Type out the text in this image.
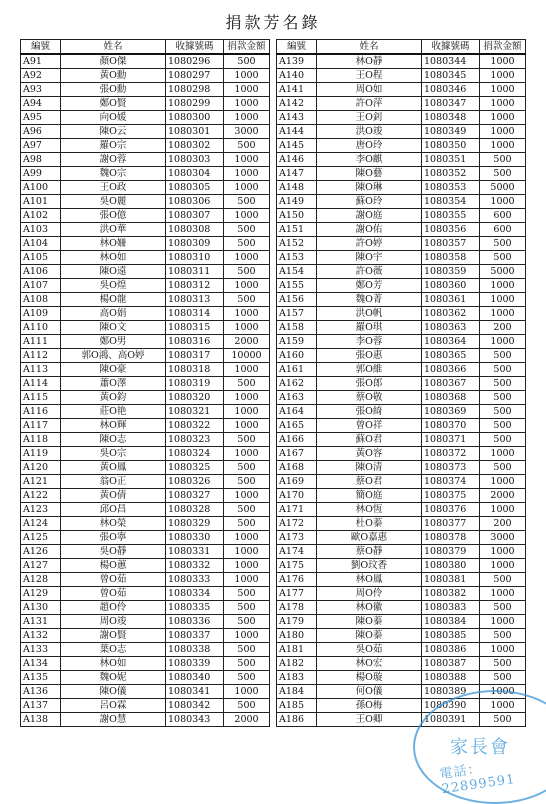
捐款芳名錄
編號	姓名	收據號碼	捐款金額
A91	顏O傑	1080296	500
A92	黃O勳	1080297	1000
A93	張O勳	1080298	1000
A94	鄭O賢	1080299	1000
A95	向O媛	1080300	1000
A96	陳O云	1080301	3000
A97	羅O宗	1080302	500
A98	謝O蓉	1080303	1000
A99	魏O宗	1080304	1000
A100	王O政	1080305	1000
A101	吳O麗	1080306	500
A102	張O億	1080307	1000
A103	洪O華	1080308	500
A104	林O姍	1080309	500
A105	林O如	1080310	1000
A106	陳O遠	1080311	500
A107	吳O煌	1080312	1000
A108	楊O龍	1080313	500
A109	高O娟	1080314	1000
A110	陳O文	1080315	1000
A111	鄭O男	1080316	2000
A112	郭O鴻、高O婷	1080317	10000
A113	陳O豪	1080318	1000
A114	蕭O澤	1080319	500
A115	黃O鈞	1080320	1000
A116	莊O艳	1080321	1000
A117	林O輝	1080322	1000
A118	陳O志	1080323	500
A119	吳O宗	1080324	1000
A120	黃O鳳	1080325	500
A121	翁O正	1080326	500
A122	黃O倩	1080327	1000
A123	邱O昌	1080328	500
A124	林O榮	1080329	500
A125	張O寧	1080330	1000
A126	吳O靜	1080331	1000
A127	楊O蕙	1080332	1000
A128	曾O茹	1080333	1000
A129	曾O茹	1080334	500
A130	趙O伶	1080335	500
A131	周O竣	1080336	500
A132	謝O賢	1080337	1000
A133	葉O志	1080338	500
A134	林O如	1080339	500
A135	魏O妮	1080340	500
A136	陳O儀	1080341	1000
A137	呂O霖	1080342	500
A138	謝O慧	1080343	2000
編號	姓名	收據號碼	捐款金額
A139	林O靜	1080344	1000
A140	王O程	1080345	1000
A141	周O如	1080346	1000
A142	許O萍	1080347	1000
A143	王O釗	1080348	1000
A144	洪O竣	1080349	1000
A145	唐O玲	1080350	1000
A146	李O麒	1080351	500
A147	陳O藝	1080352	500
A148	陳O琳	1080353	5000
A149	蘇O玲	1080354	1000
A150	謝O庭	1080355	600
A151	謝O佑	1080356	600
A152	許O婷	1080357	500
A153	陳O宇	1080358	500
A154	許O薇	1080359	5000
A155	鄭O芳	1080360	1000
A156	魏O菁	1080361	1000
A157	洪O帆	1080362	1000
A158	羅O琪	1080363	200
A159	李O蓉	1080364	1000
A160	張O惠	1080365	500
A161	郭O維	1080366	500
A162	張O郎	1080367	500
A163	蔡O敬	1080368	500
A164	張O綺	1080369	500
A165	曾O祥	1080370	500
A166	蘇O君	1080371	500
A167	黃O容	1080372	1000
A168	陳O清	1080373	500
A169	蔡O君	1080374	1000
A170	簡O庭	1080375	2000
A171	林O恆	1080376	1000
A172	杜O蓁	1080377	200
A173	歐O嘉惠	1080378	3000
A174	蔡O靜	1080379	1000
A175	劉O玟香	1080380	1000
A176	林O鳳	1080381	500
A177	周O伶	1080382	1000
A178	林O徽	1080383	500
A179	陳O蓁	1080384	1000
A180	陳O蓁	1080385	500
A181	吳O茹	1080386	1000
A182	林O宏	1080387	500
A183	楊O璇	1080388	500
A184	何O儀	1080389	1000
A185	孫O梅	1080390	1000
A186	王O卿	1080391	500
家長會
電話：22899591
